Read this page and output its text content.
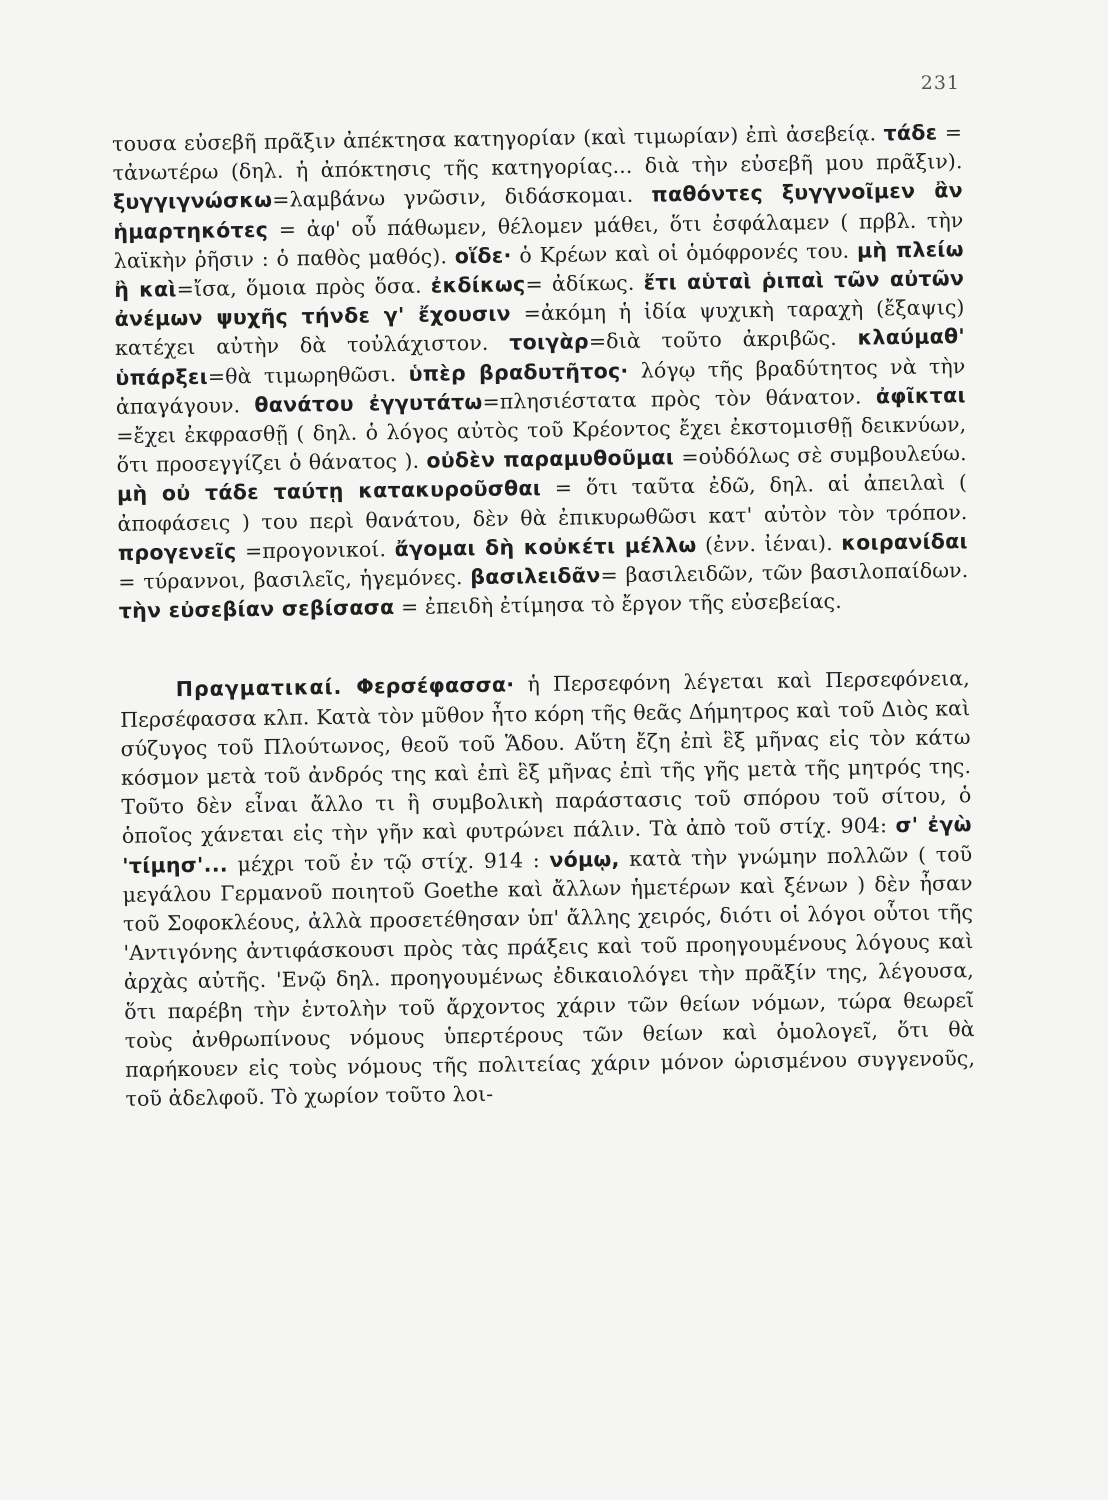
231

τουσα εὐσεβῆ πρᾶξιν ἀπέκτησα κατηγορίαν (καὶ τιμωρίαν) ἐπὶ ἀσεβείᾳ. τάδε = τἀνωτέρω (δηλ. ἡ ἀπόκτησις τῆς κατηγορίας... διὰ τὴν εὐσεβῆ μου πρᾶξιν). ξυγγιγνώσκω=λαμβάνω γνῶσιν, διδάσκομαι. παθόντες ξυγγνοῖμεν ἂν ἡμαρτηκότες = ἀφ' οὗ πάθωμεν, θέλομεν μάθει, ὅτι ἐσφάλαμεν ( πρβλ. τὴν λαϊκὴν ῥῆσιν : ὁ παθὸς μαθός). οἵδε· ὁ Κρέων καὶ οἱ ὁμόφρονές του. μὴ πλείω ἢ καὶ=ἴσα, ὅμοια πρὸς ὅσα. ἐκδίκως= ἀδίκως. ἔτι αὑταὶ ῥιπαὶ τῶν αὐτῶν ἀνέμων ψυχῆς τήνδε γ' ἔχουσιν =ἀκόμη ἡ ἰδία ψυχικὴ ταραχὴ (ἔξαψις) κατέχει αὐτὴν δὰ τοὐλάχιστον. τοιγὰρ=διὰ τοῦτο ἀκριβῶς. κλαύμαθ' ὑπάρξει=θὰ τιμωρηθῶσι. ὑπὲρ βραδυτῆτος· λόγῳ τῆς βραδύτητος νὰ τὴν ἀπαγάγουν. θανάτου ἐγγυτάτω=πλησιέστατα πρὸς τὸν θάνατον. ἀφῖκται =ἔχει ἐκφρασθῇ ( δηλ. ὁ λόγος αὐτὸς τοῦ Κρέοντος ἔχει ἐκστομισθῇ δεικνύων, ὅτι προσεγγίζει ὁ θάνατος ). οὐδὲν παραμυθοῦμαι =οὐδόλως σὲ συμβουλεύω. μὴ οὐ τάδε ταύτῃ κατακυροῦσθαι = ὅτι ταῦτα ἐδῶ, δηλ. αἱ ἀπειλαὶ ( ἀποφάσεις ) του περὶ θανάτου, δὲν θὰ ἐπικυρωθῶσι κατ' αὐτὸν τὸν τρόπον. προγενεῖς =προγονικοί. ἄγομαι δὴ κοὐκέτι μέλλω (ἐνν. ἰέναι). κοιρανίδαι = τύραννοι, βασιλεῖς, ἡγεμόνες. βασιλειδᾶν= βασιλειδῶν, τῶν βασιλοπαίδων. τὴν εὐσεβίαν σεβίσασα = ἐπειδὴ ἐτίμησα τὸ ἔργον τῆς εὐσεβείας.

Πραγματικαί. Φερσέφασσα· ἡ Περσεφόνη λέγεται καὶ Περσεφόνεια, Περσέφασσα κλπ. Κατὰ τὸν μῦθον ἦτο κόρη τῆς θεᾶς Δήμητρος καὶ τοῦ Διὸς καὶ σύζυγος τοῦ Πλούτωνος, θεοῦ τοῦ Ἅδου. Αὕτη ἔζη ἐπὶ ἓξ μῆνας εἰς τὸν κάτω κόσμον μετὰ τοῦ ἀνδρός της καὶ ἐπὶ ἓξ μῆνας ἐπὶ τῆς γῆς μετὰ τῆς μητρός της. Τοῦτο δὲν εἶναι ἄλλο τι ἢ συμβολικὴ παράστασις τοῦ σπόρου τοῦ σίτου, ὁ ὁποῖος χάνεται εἰς τὴν γῆν καὶ φυτρώνει πάλιν. Τὰ ἀπὸ τοῦ στίχ. 904: σ' ἐγὼ 'τίμησ'... μέχρι τοῦ ἐν τῷ στίχ. 914 : νόμῳ, κατὰ τὴν γνώμην πολλῶν ( τοῦ μεγάλου Γερμανοῦ ποιητοῦ Goethe καὶ ἄλλων ἡμετέρων καὶ ξένων ) δὲν ἦσαν τοῦ Σοφοκλέους, ἀλλὰ προσετέθησαν ὑπ' ἄλλης χειρός, διότι οἱ λόγοι οὗτοι τῆς 'Αντιγόνης ἀντιφάσκουσι πρὸς τὰς πράξεις καὶ τοῦ προηγουμένους λόγους καὶ ἀρχὰς αὐτῆς. 'Ενῷ δηλ. προηγουμένως ἐδικαιολόγει τὴν πρᾶξίν της, λέγουσα, ὅτι παρέβη τὴν ἐντολὴν τοῦ ἄρχοντος χάριν τῶν θείων νόμων, τώρα θεωρεῖ τοὺς ἀνθρωπίνους νόμους ὑπερτέρους τῶν θείων καὶ ὁμολογεῖ, ὅτι θὰ παρήκουεν εἰς τοὺς νόμους τῆς πολιτείας χάριν μόνον ὡρισμένου συγγενοῦς, τοῦ ἀδελφοῦ. Τὸ χωρίον τοῦτο λοι-
